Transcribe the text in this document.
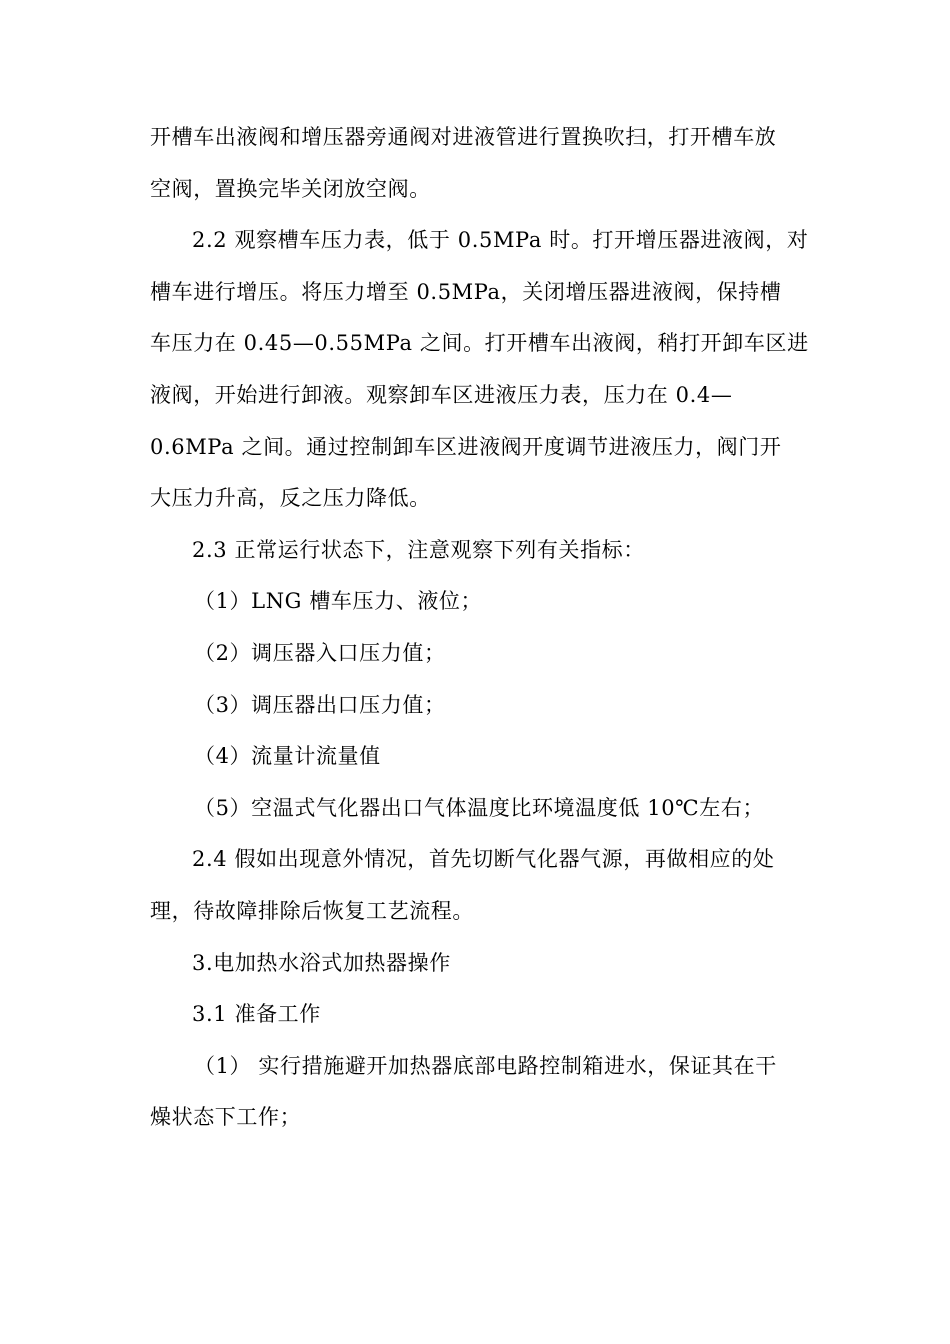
开槽车出液阀和增压器旁通阀对进液管进行置换吹扫，打开槽车放
空阀，置换完毕关闭放空阀。
2.2 观察槽车压力表，低于 0.5MPa 时。打开增压器进液阀，对
槽车进行增压。将压力增至 0.5MPa，关闭增压器进液阀，保持槽
车压力在 0.45—0.55MPa 之间。打开槽车出液阀，稍打开卸车区进
液阀，开始进行卸液。观察卸车区进液压力表，压力在 0.4—
0.6MPa 之间。通过控制卸车区进液阀开度调节进液压力，阀门开
大压力升高，反之压力降低。
2.3 正常运行状态下，注意观察下列有关指标：
（1）LNG 槽车压力、液位；
（2）调压器入口压力值；
（3）调压器出口压力值；
（4）流量计流量值
（5）空温式气化器出口气体温度比环境温度低 10℃左右；
2.4 假如出现意外情况，首先切断气化器气源，再做相应的处
理，待故障排除后恢复工艺流程。
3.电加热水浴式加热器操作
3.1 准备工作
（1） 实行措施避开加热器底部电路控制箱进水，保证其在干
燥状态下工作；
